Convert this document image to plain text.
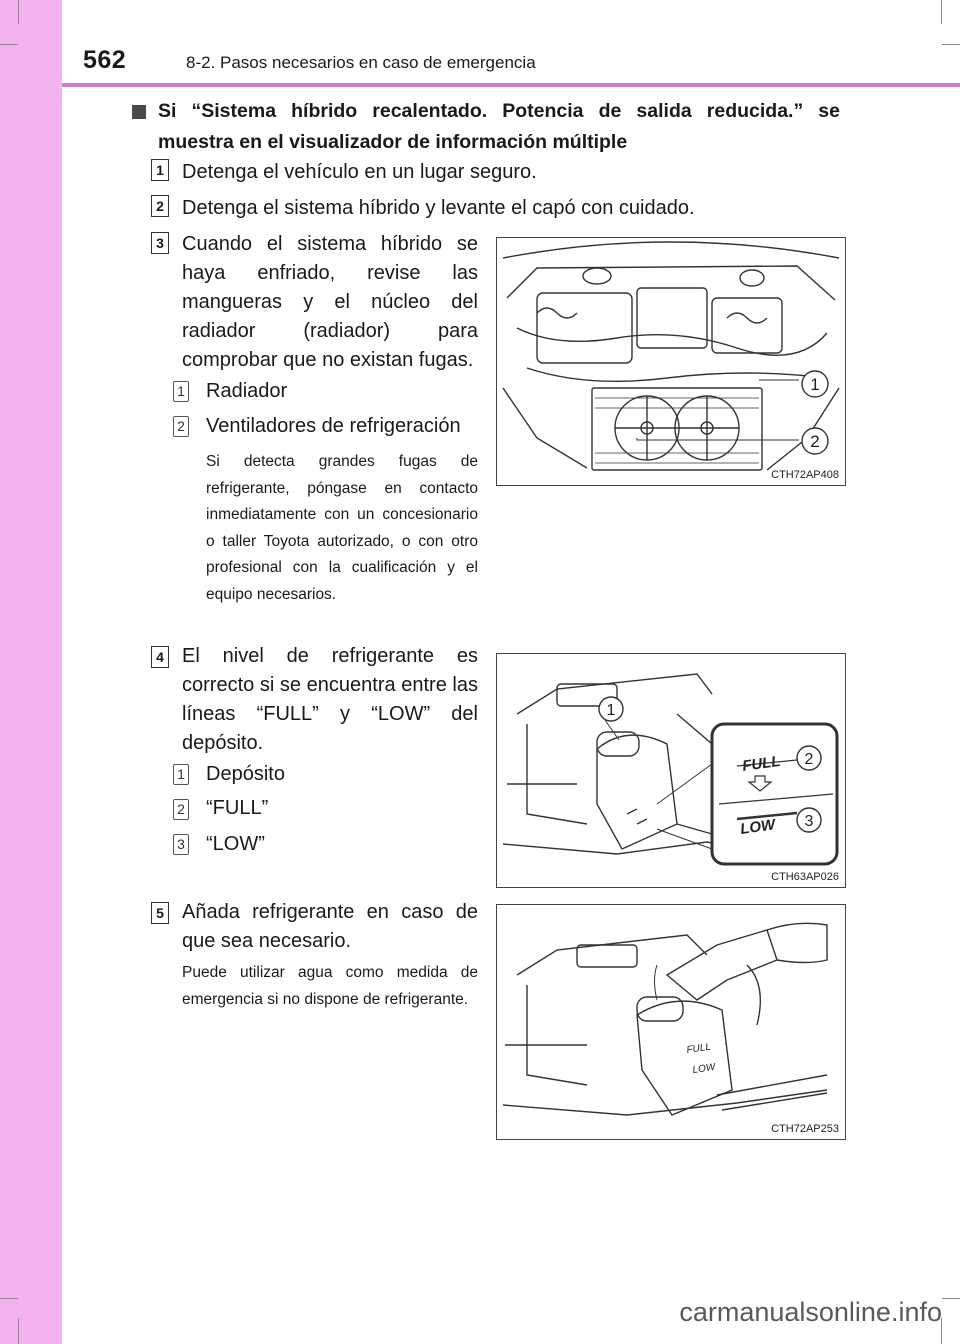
562	8-2. Pasos necesarios en caso de emergencia
Si “Sistema híbrido recalentado. Potencia de salida reducida.” se muestra en el visualizador de información múltiple
1 Detenga el vehículo en un lugar seguro.
2 Detenga el sistema híbrido y levante el capó con cuidado.
3 Cuando el sistema híbrido se haya enfriado, revise las mangueras y el núcleo del radiador (radiador) para comprobar que no existan fugas.
1 Radiador
2 Ventiladores de refrigeración
Si detecta grandes fugas de refrigerante, póngase en contacto inmediatamente con un concesionario o taller Toyota autorizado, o con otro profesional con la cualificación y el equipo necesarios.
1
2
CTH72AP408
4 El nivel de refrigerante es correcto si se encuentra entre las líneas “FULL” y “LOW” del depósito.
1 Depósito
2 “FULL”
3 “LOW”
1
FULL
LOW
2
3
CTH63AP026
5 Añada refrigerante en caso de que sea necesario.
Puede utilizar agua como medida de emergencia si no dispone de refrigerante.
FULL
LOW
CTH72AP253
carmanualsonline.info
